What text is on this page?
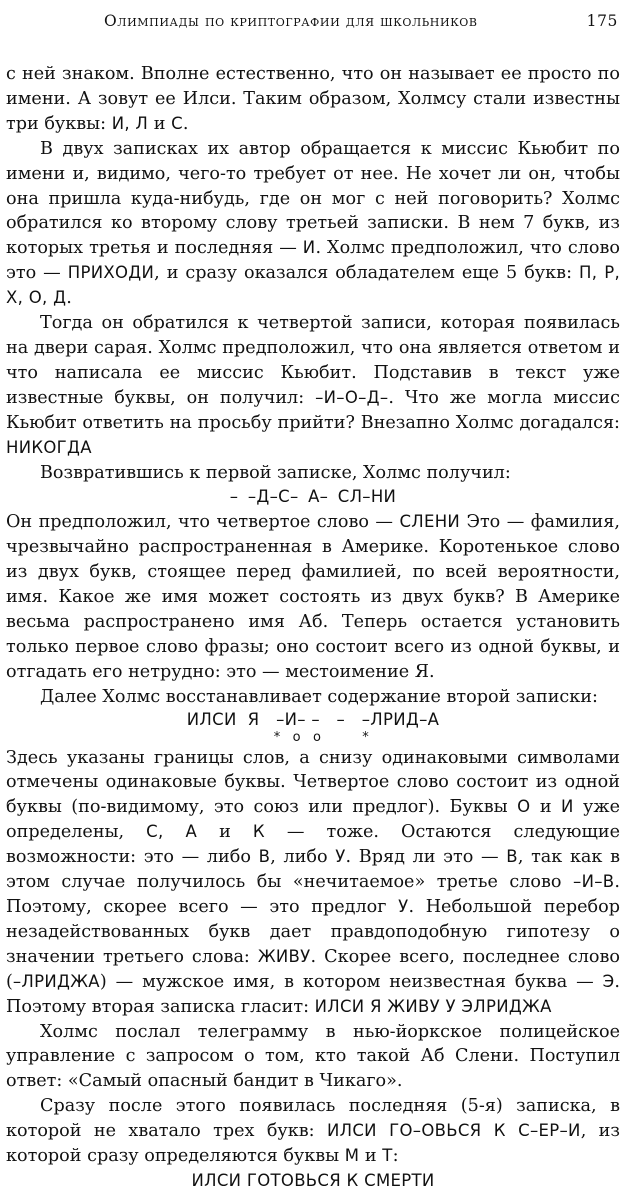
Олимпиады по криптографии для школьников	175

с ней знаком. Вполне естественно, что он называет ее просто по имени. А зовут ее Илси. Таким образом, Холмсу стали известны три буквы: И, Л и С.

В двух записках их автор обращается к миссис Кьюбит по имени и, видимо, чего-то требует от нее. Не хочет ли он, чтобы она пришла куда-нибудь, где он мог с ней поговорить? Холмс обратился ко второму слову третьей записки. В нем 7 букв, из которых третья и последняя — И. Холмс предположил, что слово это — ПРИХОДИ, и сразу оказался обладателем еще 5 букв: П, Р, Х, О, Д.

Тогда он обратился к четвертой записи, которая появилась на двери сарая. Холмс предположил, что она является ответом и что написала ее миссис Кьюбит. Подставив в текст уже известные буквы, он получил: –И–О–Д–. Что же могла миссис Кьюбит ответить на просьбу прийти? Внезапно Холмс догадался: НИКОГДА

Возвратившись к первой записке, Холмс получил:

– –Д–С– А– СЛ–НИ

Он предположил, что четвертое слово — СЛЕНИ Это — фамилия, чрезвычайно распространенная в Америке. Коротенькое слово из двух букв, стоящее перед фамилией, по всей вероятности, имя. Какое же имя может состоять из двух букв? В Америке весьма распространено имя Аб. Теперь остается установить только первое слово фразы; оно состоит всего из одной буквы, и отгадать его нетрудно: это — местоимение Я.

Далее Холмс восстанавливает содержание второй записки:

ИЛСИ  Я   –И– –   –   –ЛРИД–А

*   o   o          *

Здесь указаны границы слов, а снизу одинаковыми символами отмечены одинаковые буквы. Четвертое слово состоит из одной буквы (по-видимому, это союз или предлог). Буквы О и И уже определены, С, А и К — тоже. Остаются следующие возможности: это — либо В, либо У. Вряд ли это — В, так как в этом случае получилось бы «нечитаемое» третье слово –И–В. Поэтому, скорее всего — это предлог У. Небольшой перебор незадействованных букв дает правдоподобную гипотезу о значении третьего слова: ЖИВУ. Скорее всего, последнее слово (–ЛРИДЖА) — мужское имя, в котором неизвестная буква — Э. Поэтому вторая записка гласит: ИЛСИ Я ЖИВУ У ЭЛРИДЖА

Холмс послал телеграмму в нью-йоркское полицейское управление с запросом о том, кто такой Аб Слени. Поступил ответ: «Самый опасный бандит в Чикаго».

Сразу после этого появилась последняя (5-я) записка, в которой не хватало трех букв: ИЛСИ ГО–ОВЬСЯ К С–ЕР–И, из которой сразу определяются буквы М и Т:

ИЛСИ ГОТОВЬСЯ К СМЕРТИ
